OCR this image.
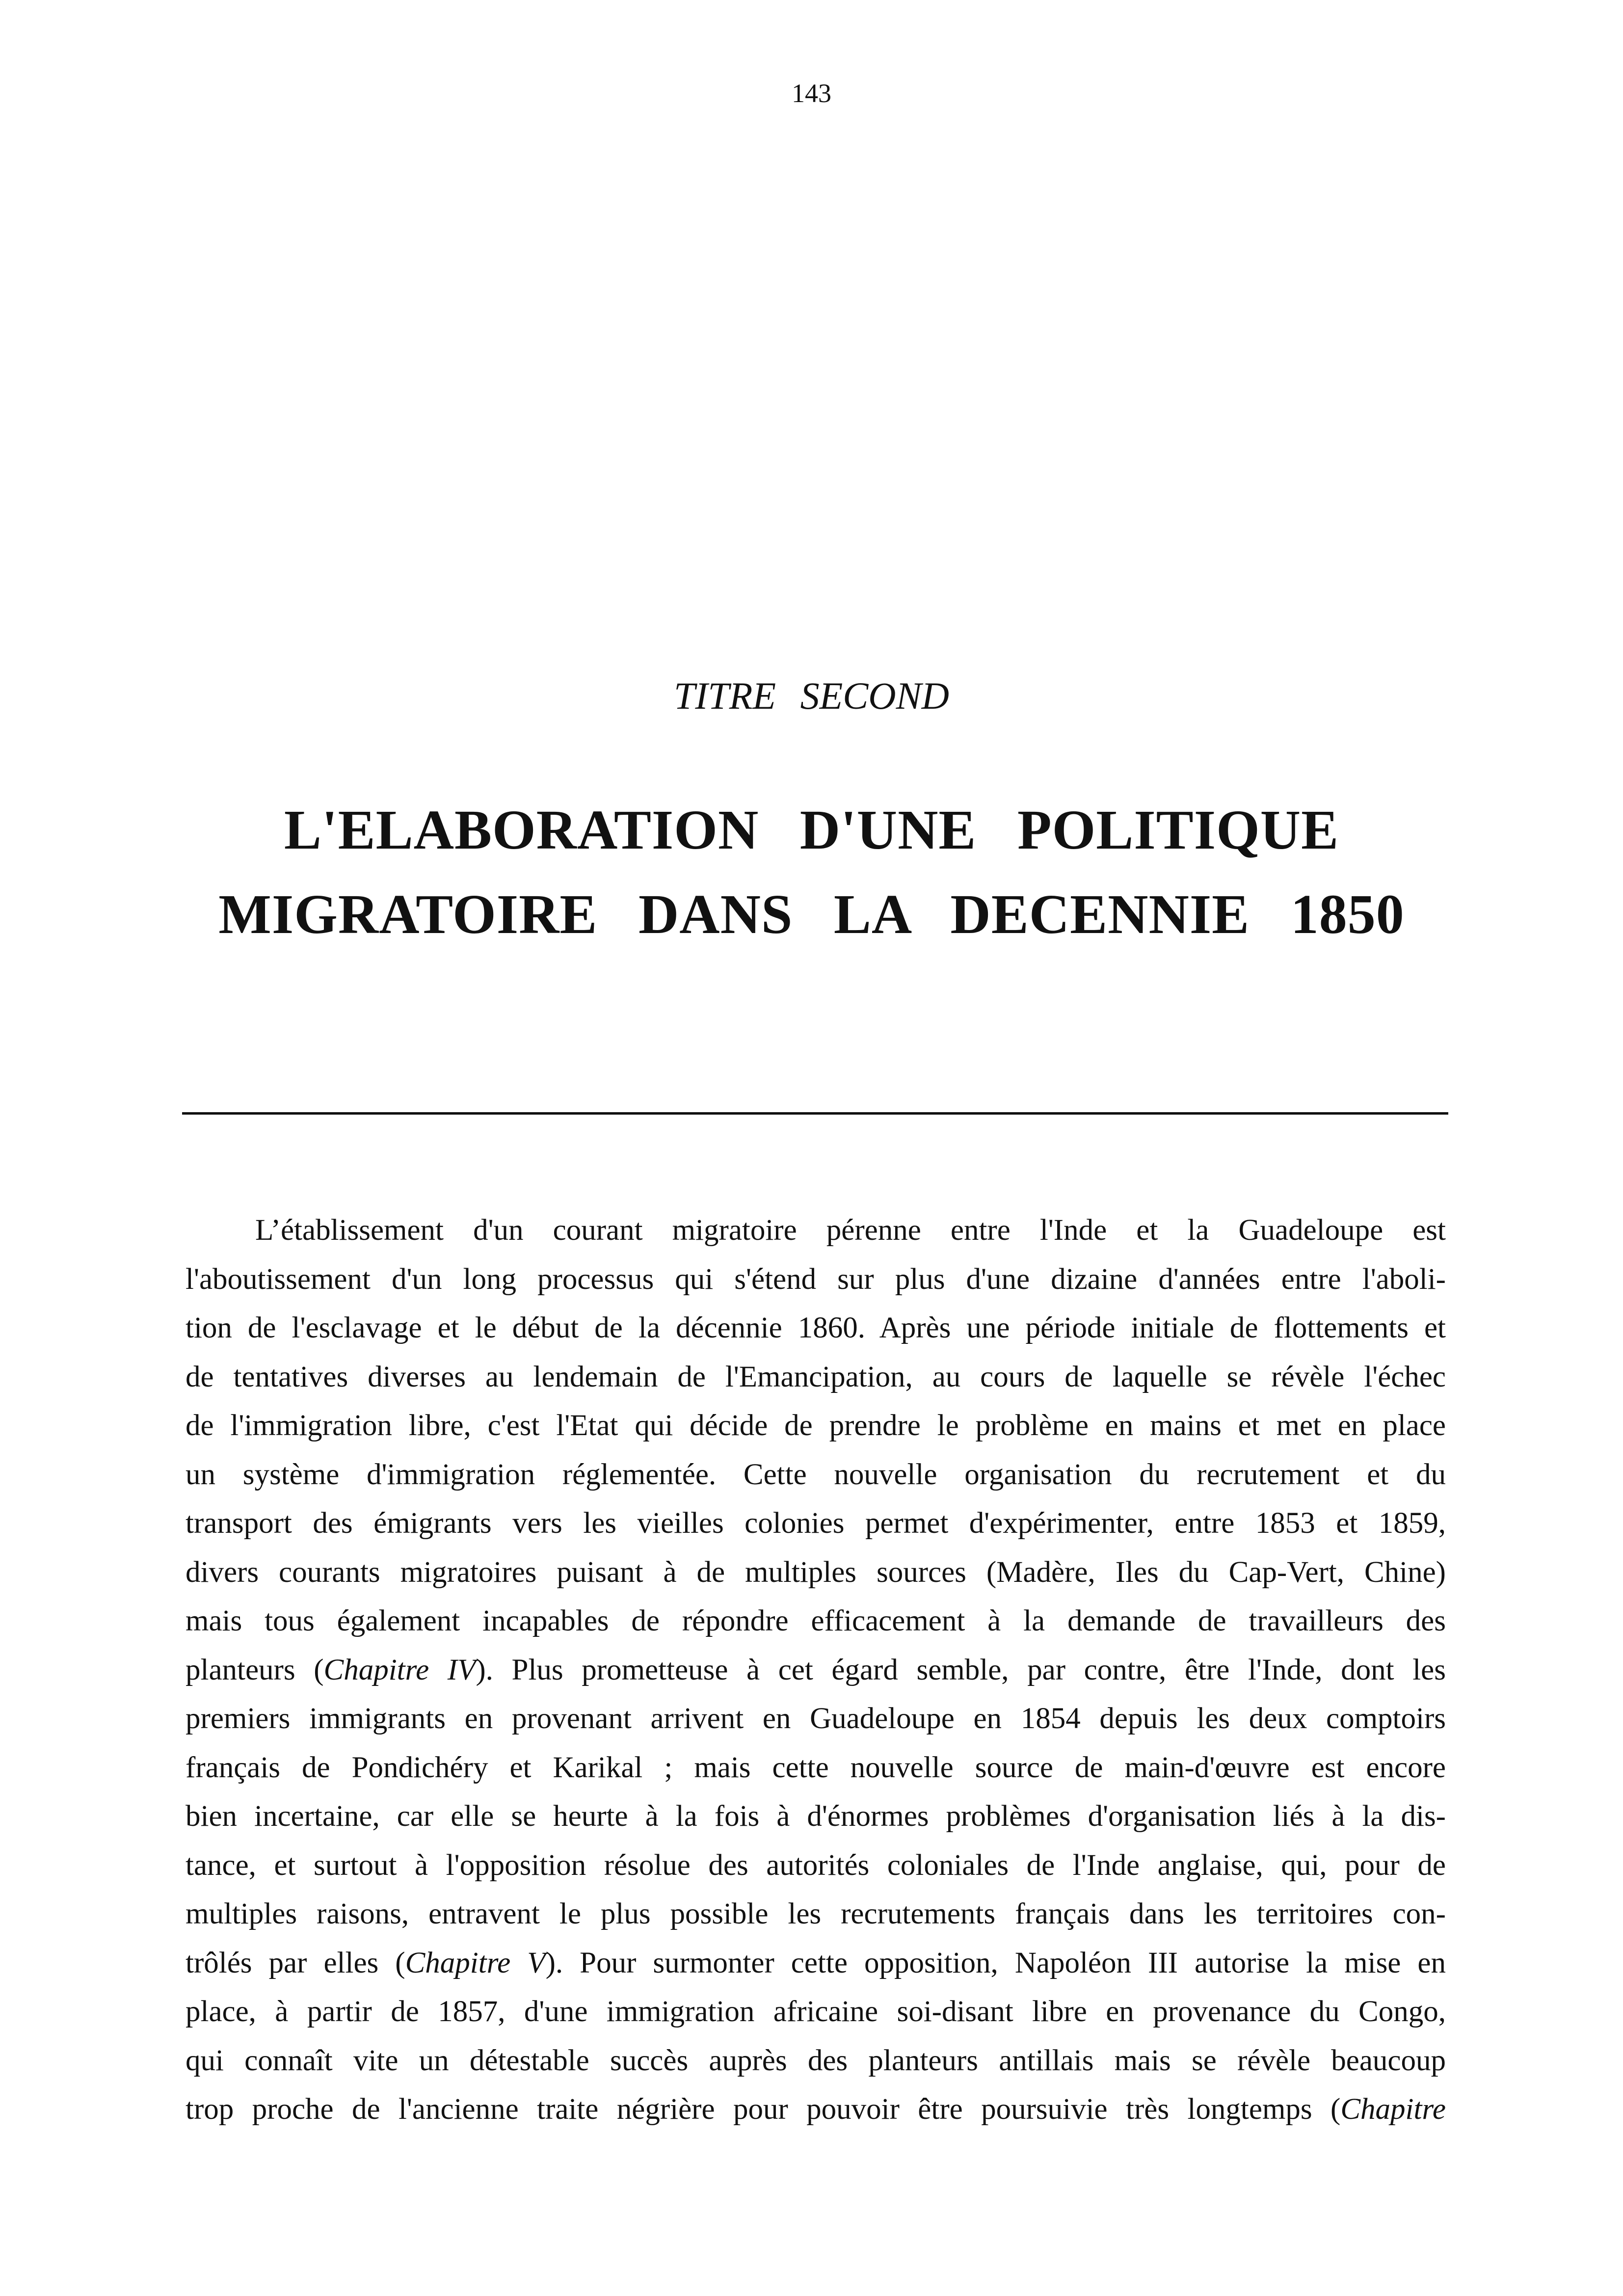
143
TITRE SECOND
L'ELABORATION D'UNE POLITIQUE
MIGRATOIRE DANS LA DECENNIE 1850

L’établissement d'un courant migratoire pérenne entre l'Inde et la Guadeloupe est
l'aboutissement d'un long processus qui s'étend sur plus d'une dizaine d'années entre l'aboli-
tion de l'esclavage et le début de la décennie 1860. Après une période initiale de flottements et
de tentatives diverses au lendemain de l'Emancipation, au cours de laquelle se révèle l'échec
de l'immigration libre, c'est l'Etat qui décide de prendre le problème en mains et met en place
un système d'immigration réglementée. Cette nouvelle organisation du recrutement et du
transport des émigrants vers les vieilles colonies permet d'expérimenter, entre 1853 et 1859,
divers courants migratoires puisant à de multiples sources (Madère, Iles du Cap-Vert, Chine)
mais tous également incapables de répondre efficacement à la demande de travailleurs des
planteurs (Chapitre IV). Plus prometteuse à cet égard semble, par contre, être l'Inde, dont les
premiers immigrants en provenant arrivent en Guadeloupe en 1854 depuis les deux comptoirs
français de Pondichéry et Karikal ; mais cette nouvelle source de main-d'œuvre est encore
bien incertaine, car elle se heurte à la fois à d'énormes problèmes d'organisation liés à la dis-
tance, et surtout à l'opposition résolue des autorités coloniales de l'Inde anglaise, qui, pour de
multiples raisons, entravent le plus possible les recrutements français dans les territoires con-
trôlés par elles (Chapitre V). Pour surmonter cette opposition, Napoléon III autorise la mise en
place, à partir de 1857, d'une immigration africaine soi-disant libre en provenance du Congo,
qui connaît vite un détestable succès auprès des planteurs antillais mais se révèle beaucoup
trop proche de l'ancienne traite négrière pour pouvoir être poursuivie très longtemps (Chapitre
